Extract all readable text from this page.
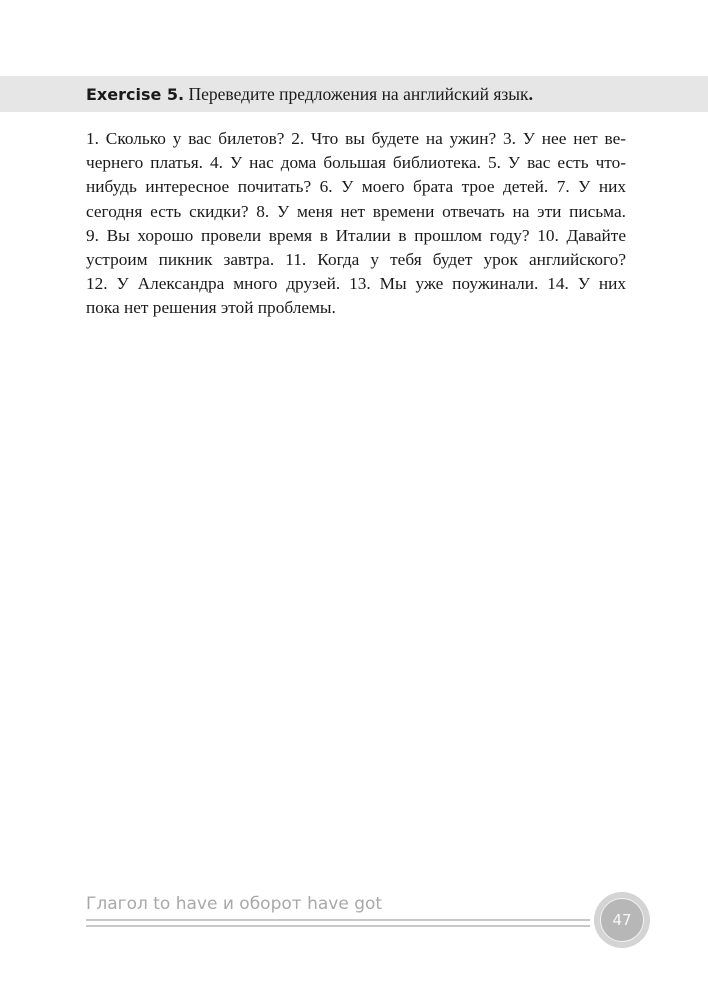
Exercise 5. Переведите предложения на английский язык.
1. Сколько у вас билетов? 2. Что вы будете на ужин? 3. У нее нет ве-
чернего платья. 4. У нас дома большая библиотека. 5. У вас есть что-
нибудь интересное почитать? 6. У моего брата трое детей. 7. У них
сегодня есть скидки? 8. У меня нет времени отвечать на эти письма.
9. Вы хорошо провели время в Италии в прошлом году? 10. Давайте
устроим пикник завтра. 11. Когда у тебя будет урок английского?
12. У Александра много друзей. 13. Мы уже поужинали. 14. У них
пока нет решения этой проблемы.
Глагол to have и оборот have got
47
